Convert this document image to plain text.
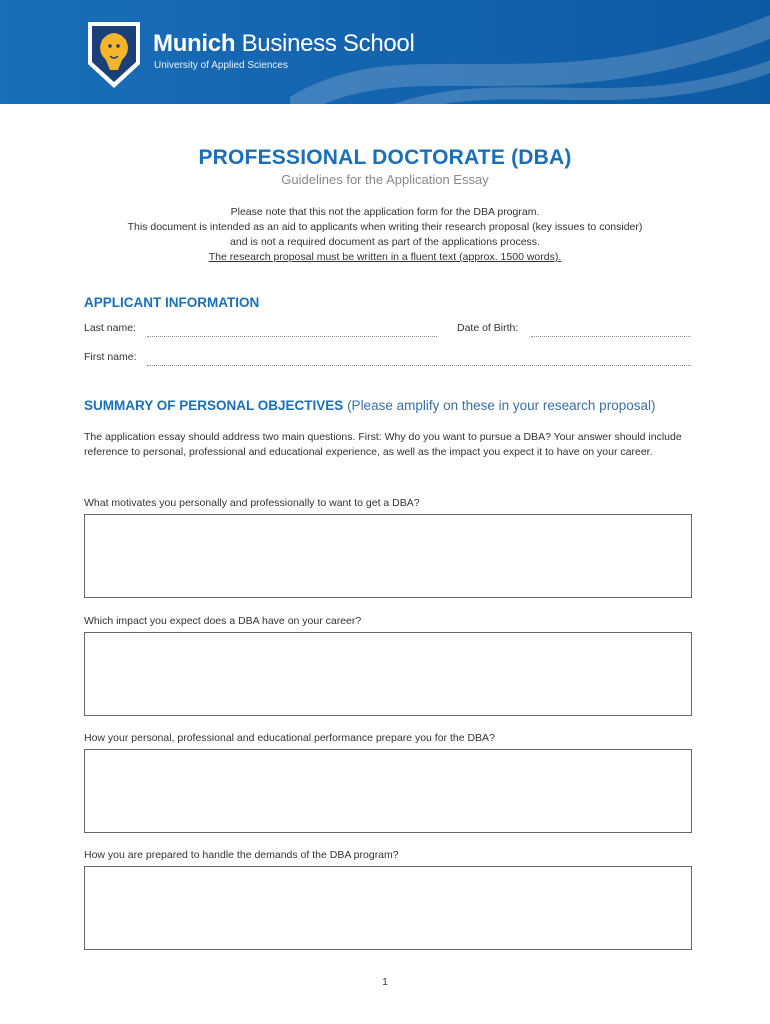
Munich Business School
University of Applied Sciences
PROFESSIONAL DOCTORATE (DBA)
Guidelines for the Application Essay
Please note that this not the application form for the DBA program.
This document is intended as an aid to applicants when writing their research proposal (key issues to consider)
and is not a required document as part of the applications process.
The research proposal must be written in a fluent text (approx. 1500 words).
APPLICANT INFORMATION
Last name:	Date of Birth:
First name:
SUMMARY OF PERSONAL OBJECTIVES (Please amplify on these in your research proposal)
The application essay should address two main questions. First: Why do you want to pursue a DBA? Your answer should include reference to personal, professional and educational experience, as well as the impact you expect it to have on your career.
What motivates you personally and professionally to want to get a DBA?
Which impact you expect does a DBA have on your career?
How your personal, professional and educational performance prepare you for the DBA?
How you are prepared to handle the demands of the DBA program?
1
